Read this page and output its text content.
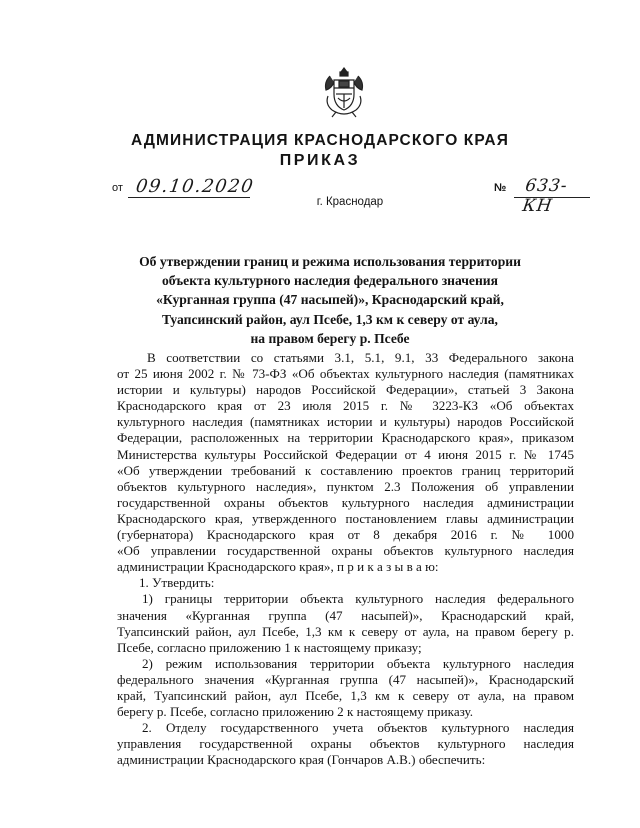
АДМИНИСТРАЦИЯ КРАСНОДАРСКОГО КРАЯ
ПРИКАЗ
от 09.10.2020	№ 633-КН
г. Краснодар
Об утверждении границ и режима использования территории
объекта культурного наследия федерального значения
«Курганная группа (47 насыпей)», Краснодарский край,
Туапсинский район, аул Псебе, 1,3 км к северу от аула,
на правом берегу р. Псебе
В соответствии со статьями 3.1, 5.1, 9.1, 33 Федерального закона
от 25 июня 2002 г. № 73-ФЗ «Об объектах культурного наследия (памятниках
истории и культуры) народов Российской Федерации», статьей 3 Закона
Краснодарского края от 23 июля 2015 г. № 3223-КЗ «Об объектах
культурного наследия (памятниках истории и культуры) народов Российской
Федерации, расположенных на территории Краснодарского края», приказом
Министерства культуры Российской Федерации от 4 июня 2015 г. № 1745
«Об утверждении требований к составлению проектов границ территорий
объектов культурного наследия», пунктом 2.3 Положения об управлении
государственной охраны объектов культурного наследия администрации
Краснодарского края, утвержденного постановлением главы администрации
(губернатора) Краснодарского края от 8 декабря 2016 г. № 1000
«Об управлении государственной охраны объектов культурного наследия
администрации Краснодарского края», п р и к а з ы в а ю:
1. Утвердить:
1) границы территории объекта культурного наследия федерального
значения «Курганная группа (47 насыпей)», Краснодарский край,
Туапсинский район, аул Псебе, 1,3 км к северу от аула, на правом берегу р.
Псебе, согласно приложению 1 к настоящему приказу;
2) режим использования территории объекта культурного наследия
федерального значения «Курганная группа (47 насыпей)», Краснодарский
край, Туапсинский район, аул Псебе, 1,3 км к северу от аула, на правом
берегу р. Псебе, согласно приложению 2 к настоящему приказу.
2. Отделу государственного учета объектов культурного наследия
управления государственной охраны объектов культурного наследия
администрации Краснодарского края (Гончаров А.В.) обеспечить:
